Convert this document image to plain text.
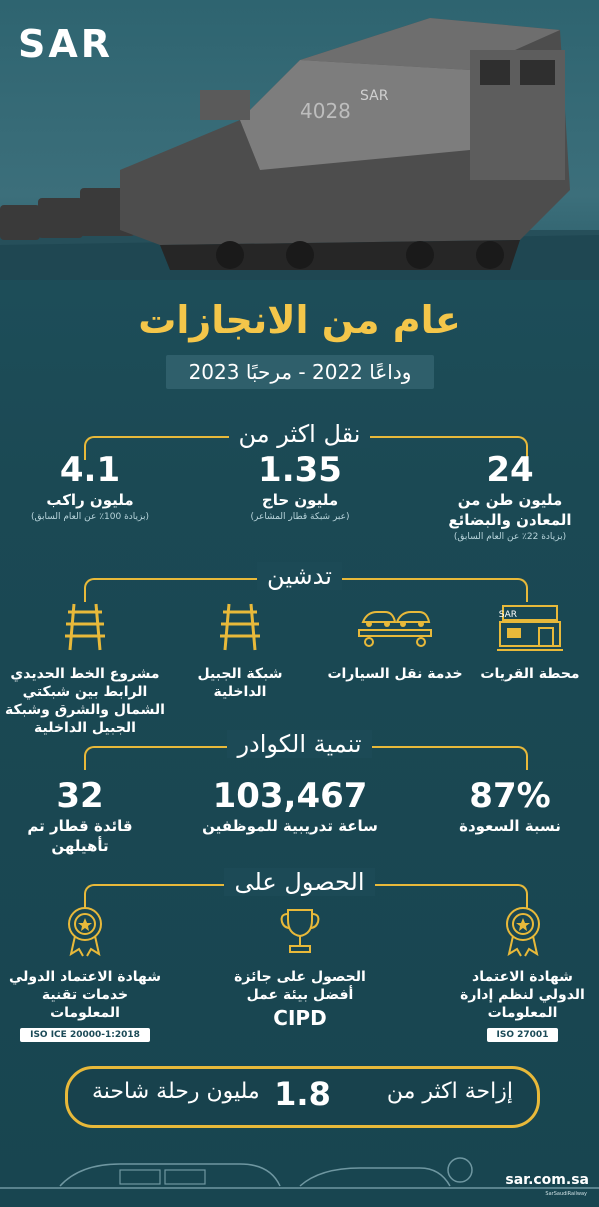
4028
SAR
SAR
عام من الانجازات
وداعًا 2022 - مرحبًا 2023
نقل اكثر من
24
مليون طن من المعادن والبضائع
(بزيادة 22٪ عن العام السابق)
1.35
مليون حاج
(عبر شبكة قطار المشاعر)
4.1
مليون راكب
(بزيادة 100٪ عن العام السابق)
تدشين
SAR
محطة القريات
خدمة نقل السيارات
شبكة الجبيل الداخلية
مشروع الخط الحديدي الرابط بين شبكتي الشمال والشرق وشبكة الجبيل الداخلية
تنمية الكوادر
87%
نسبة السعودة
103,467
ساعة تدريبية للموظفين
32
قائدة قطار تم تأهيلهن
الحصول على
شهادة الاعتماد الدولي لنظم إدارة المعلومات
ISO 27001
الحصول على جائزة أفضل بيئة عمل
CIPD
شهادة الاعتماد الدولي خدمات تقنية المعلومات
ISO ICE 20000-1:2018
إزاحة اكثر من
1.8
مليون رحلة شاحنة
sar.com.sa
SarSaudiRailway
